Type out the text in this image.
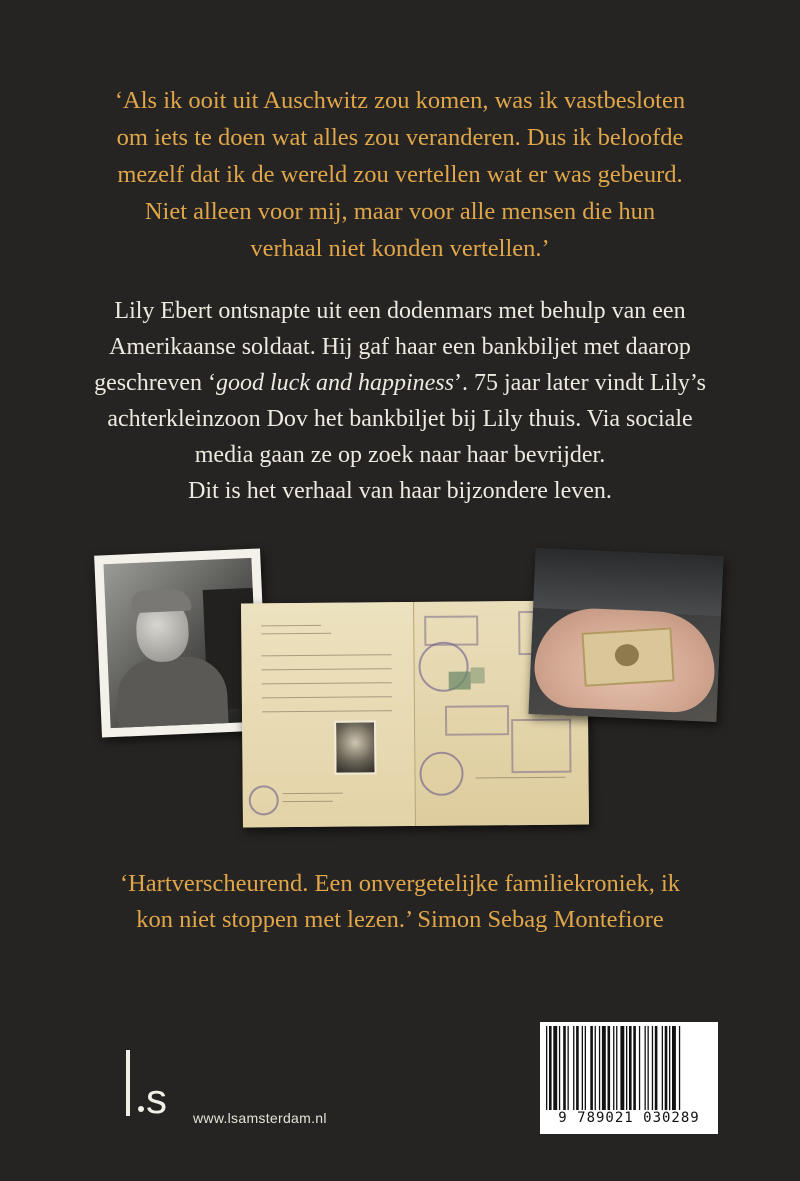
‘Als ik ooit uit Auschwitz zou komen, was ik vastbesloten
om iets te doen wat alles zou veranderen. Dus ik beloofde
mezelf dat ik de wereld zou vertellen wat er was gebeurd.
Niet alleen voor mij, maar voor alle mensen die hun
verhaal niet konden vertellen.’

Lily Ebert ontsnapte uit een dodenmars met behulp van een
Amerikaanse soldaat. Hij gaf haar een bankbiljet met daarop
geschreven ‘good luck and happiness’. 75 jaar later vindt Lily’s
achterkleinzoon Dov het bankbiljet bij Lily thuis. Via sociale
media gaan ze op zoek naar haar bevrijder.
Dit is het verhaal van haar bijzondere leven.

‘Hartverscheurend. Een onvergetelijke familiekroniek, ik
kon niet stoppen met lezen.’ Simon Sebag Montefiore

s www.lsamsterdam.nl	9 789021 030289
